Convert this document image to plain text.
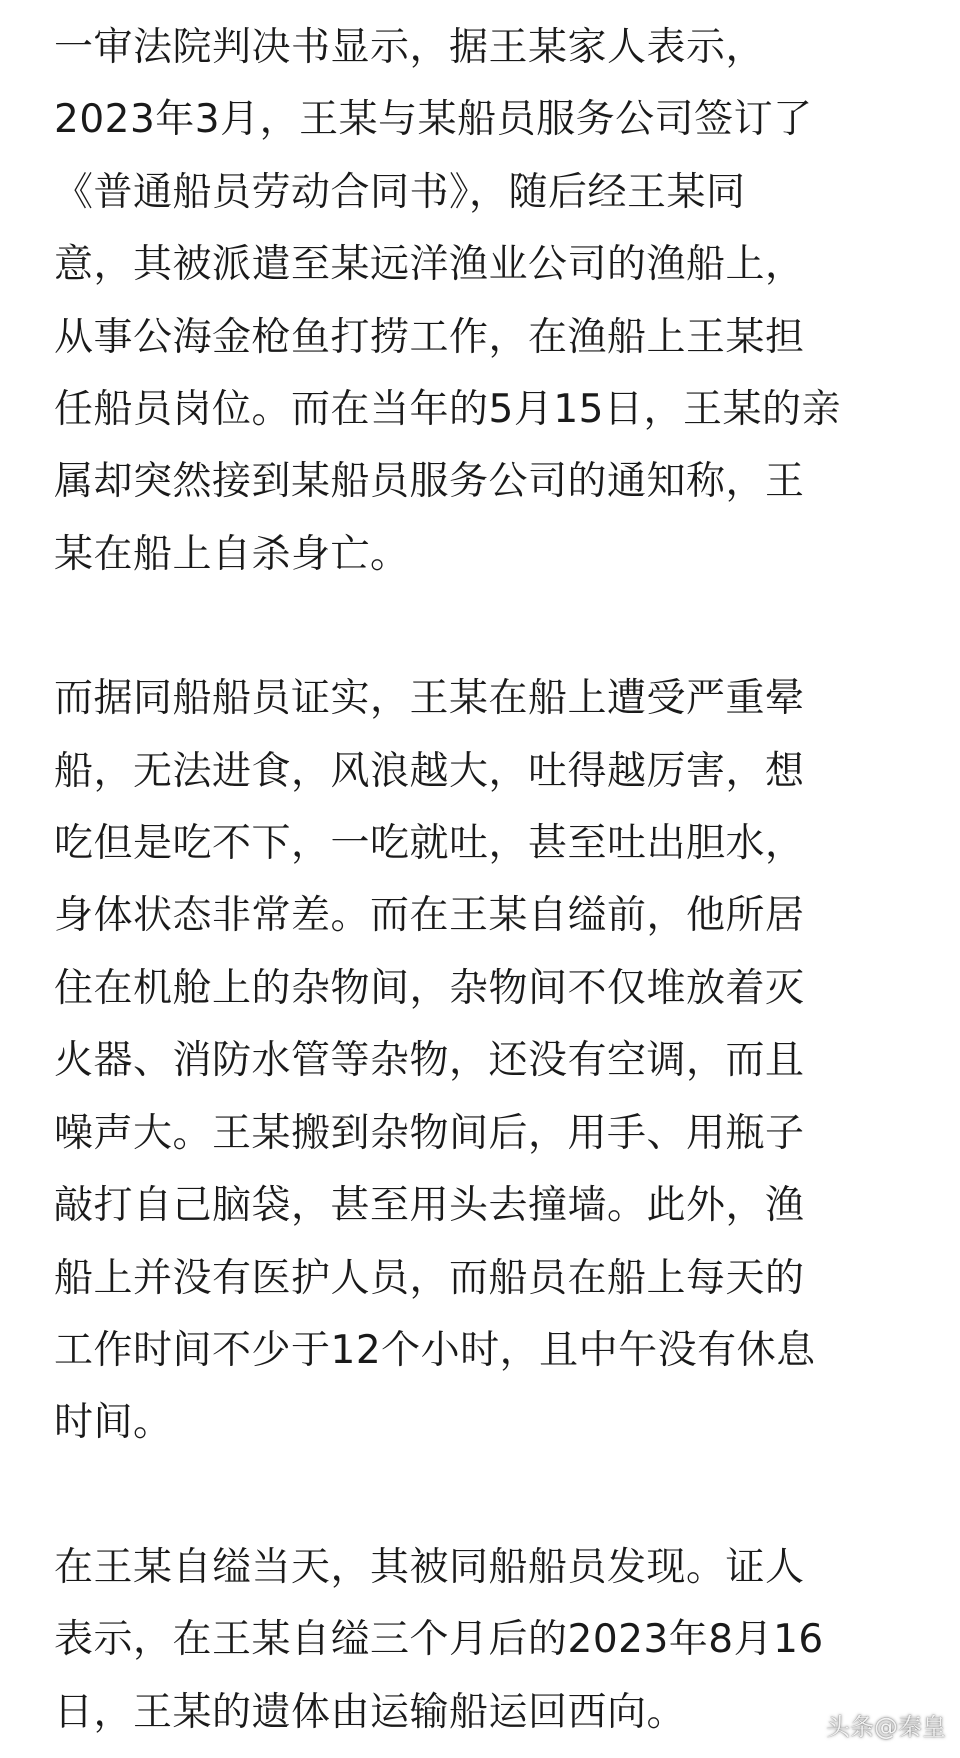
一审法院判决书显示，据王某家人表示，
2023年3月，王某与某船员服务公司签订了
《普通船员劳动合同书》，随后经王某同
意，其被派遣至某远洋渔业公司的渔船上，
从事公海金枪鱼打捞工作，在渔船上王某担
任船员岗位。而在当年的5月15日，王某的亲
属却突然接到某船员服务公司的通知称，王
某在船上自杀身亡。

而据同船船员证实，王某在船上遭受严重晕
船，无法进食，风浪越大，吐得越厉害，想
吃但是吃不下，一吃就吐，甚至吐出胆水，
身体状态非常差。而在王某自缢前，他所居
住在机舱上的杂物间，杂物间不仅堆放着灭
火器、消防水管等杂物，还没有空调，而且
噪声大。王某搬到杂物间后，用手、用瓶子
敲打自己脑袋，甚至用头去撞墙。此外，渔
船上并没有医护人员，而船员在船上每天的
工作时间不少于12个小时，且中午没有休息
时间。

在王某自缢当天，其被同船船员发现。证人
表示，在王某自缢三个月后的2023年8月16
日，王某的遗体由运输船运回西向。	头条@秦皇
